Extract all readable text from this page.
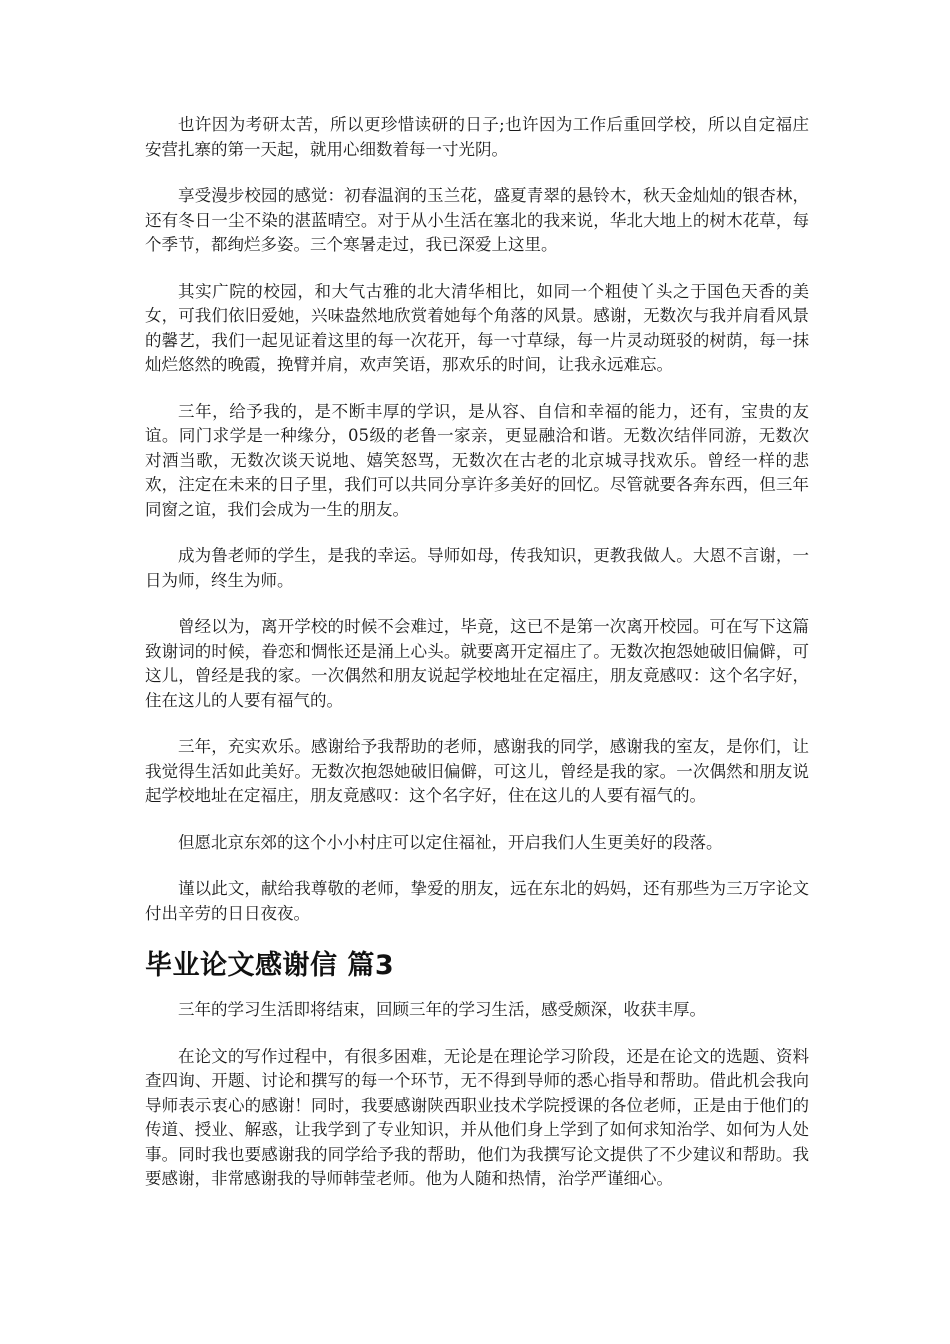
也许因为考研太苦，所以更珍惜读研的日子;也许因为工作后重回学校，所以自定福庄安营扎寨的第一天起，就用心细数着每一寸光阴。

享受漫步校园的感觉：初春温润的玉兰花，盛夏青翠的悬铃木，秋天金灿灿的银杏林，还有冬日一尘不染的湛蓝晴空。对于从小生活在塞北的我来说，华北大地上的树木花草，每个季节，都绚烂多姿。三个寒暑走过，我已深爱上这里。

其实广院的校园，和大气古雅的北大清华相比，如同一个粗使丫头之于国色天香的美女，可我们依旧爱她，兴味盎然地欣赏着她每个角落的风景。感谢，无数次与我并肩看风景的馨艺，我们一起见证着这里的每一次花开，每一寸草绿，每一片灵动斑驳的树荫，每一抹灿烂悠然的晚霞，挽臂并肩，欢声笑语，那欢乐的时间，让我永远难忘。

三年，给予我的，是不断丰厚的学识，是从容、自信和幸福的能力，还有，宝贵的友谊。同门求学是一种缘分，05级的老鲁一家亲，更显融洽和谐。无数次结伴同游，无数次对酒当歌，无数次谈天说地、嬉笑怒骂，无数次在古老的北京城寻找欢乐。曾经一样的悲欢，注定在未来的日子里，我们可以共同分享许多美好的回忆。尽管就要各奔东西，但三年同窗之谊，我们会成为一生的朋友。

成为鲁老师的学生，是我的幸运。导师如母，传我知识，更教我做人。大恩不言谢，一日为师，终生为师。

曾经以为，离开学校的时候不会难过，毕竟，这已不是第一次离开校园。可在写下这篇致谢词的时候，眷恋和惆怅还是涌上心头。就要离开定福庄了。无数次抱怨她破旧偏僻，可这儿，曾经是我的家。一次偶然和朋友说起学校地址在定福庄，朋友竟感叹：这个名字好，住在这儿的人要有福气的。

三年，充实欢乐。感谢给予我帮助的老师，感谢我的同学，感谢我的室友，是你们，让我觉得生活如此美好。无数次抱怨她破旧偏僻，可这儿，曾经是我的家。一次偶然和朋友说起学校地址在定福庄，朋友竟感叹：这个名字好，住在这儿的人要有福气的。

但愿北京东郊的这个小小村庄可以定住福祉，开启我们人生更美好的段落。

谨以此文，献给我尊敬的老师，挚爱的朋友，远在东北的妈妈，还有那些为三万字论文付出辛劳的日日夜夜。

毕业论文感谢信 篇3

三年的学习生活即将结束，回顾三年的学习生活，感受颇深，收获丰厚。

在论文的写作过程中，有很多困难，无论是在理论学习阶段，还是在论文的选题、资料查四询、开题、讨论和撰写的每一个环节，无不得到导师的悉心指导和帮助。借此机会我向导师表示衷心的感谢！同时，我要感谢陕西职业技术学院授课的各位老师，正是由于他们的传道、授业、解惑，让我学到了专业知识，并从他们身上学到了如何求知治学、如何为人处事。同时我也要感谢我的同学给予我的帮助，他们为我撰写论文提供了不少建议和帮助。我要感谢，非常感谢我的导师韩莹老师。他为人随和热情，治学严谨细心。
